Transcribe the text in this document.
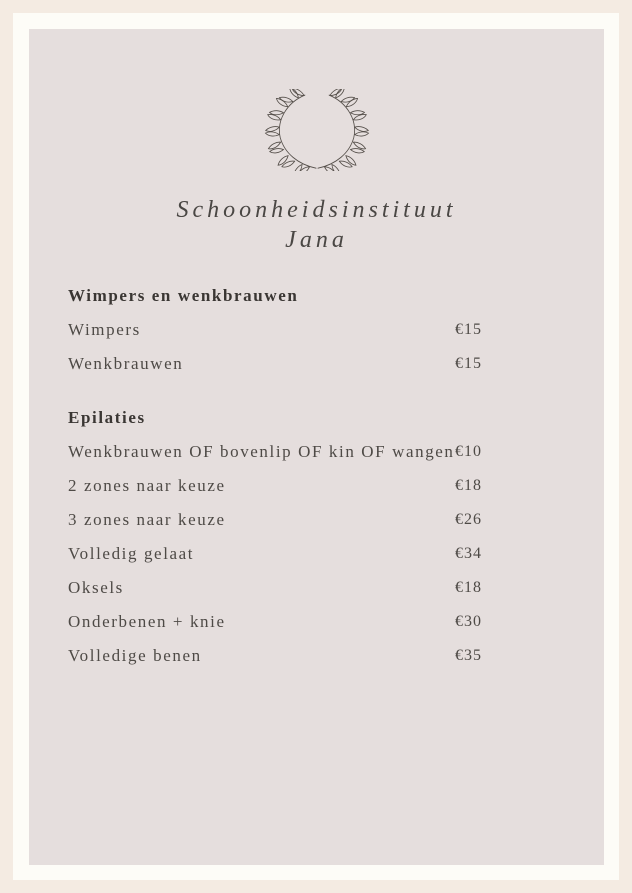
Schoonheidsinstituut
Jana
Wimpers en wenkbrauwen
Wimpers	€15
Wenkbrauwen	€15
Epilaties
Wenkbrauwen OF bovenlip OF kin OF wangen €10
2 zones naar keuze	€18
3 zones naar keuze	€26
Volledig gelaat	€34
Oksels	€18
Onderbenen + knie	€30
Volledige benen	€35
